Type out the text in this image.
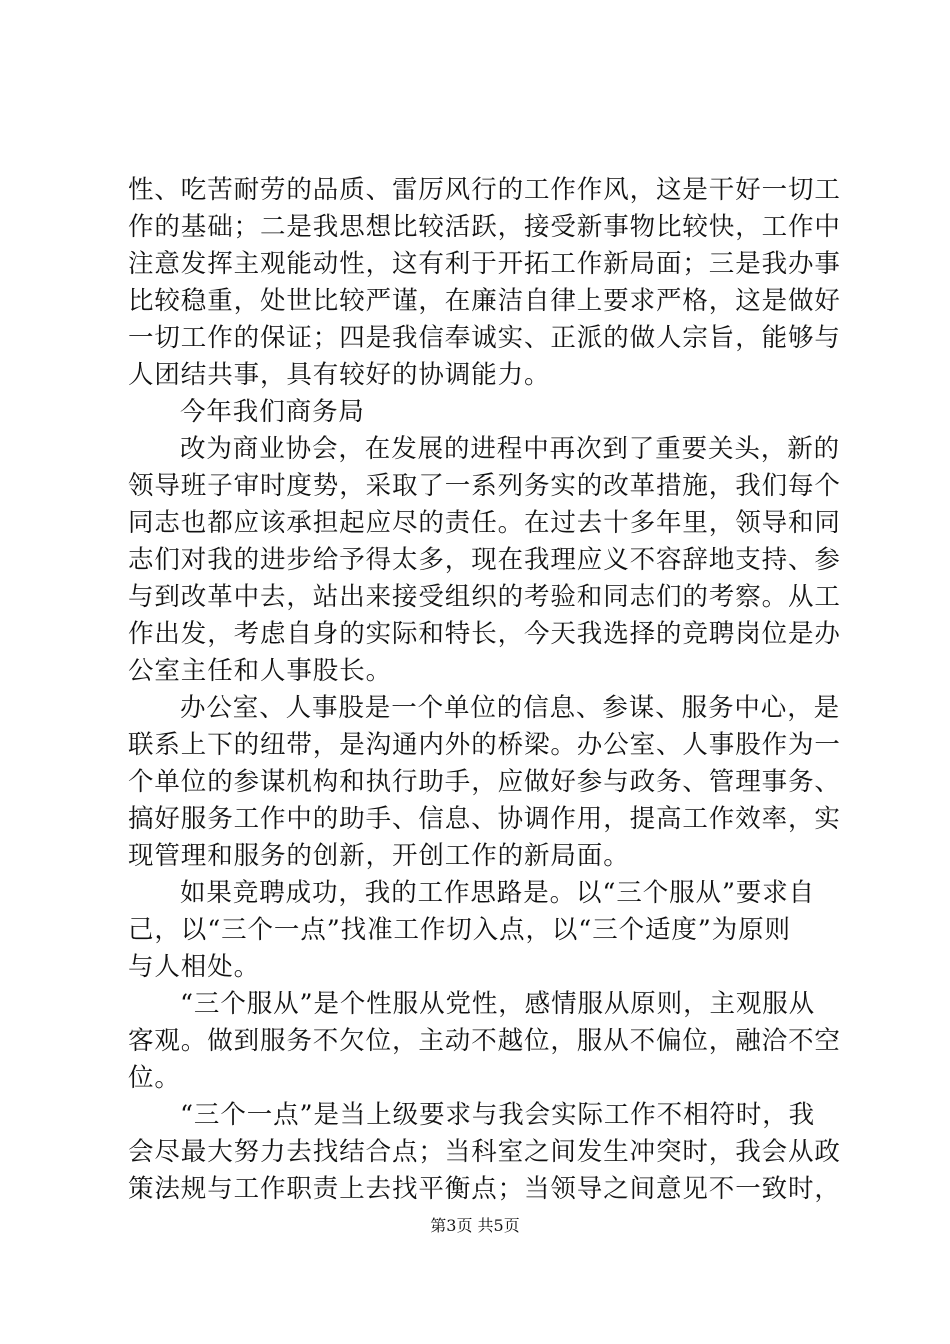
性、吃苦耐劳的品质、雷厉风行的工作作风，这是干好一切工
作的基础；二是我思想比较活跃，接受新事物比较快，工作中
注意发挥主观能动性，这有利于开拓工作新局面；三是我办事
比较稳重，处世比较严谨，在廉洁自律上要求严格，这是做好
一切工作的保证；四是我信奉诚实、正派的做人宗旨，能够与
人团结共事，具有较好的协调能力。
今年我们商务局
改为商业协会，在发展的进程中再次到了重要关头，新的
领导班子审时度势，采取了一系列务实的改革措施，我们每个
同志也都应该承担起应尽的责任。在过去十多年里，领导和同
志们对我的进步给予得太多，现在我理应义不容辞地支持、参
与到改革中去，站出来接受组织的考验和同志们的考察。从工
作出发，考虑自身的实际和特长，今天我选择的竞聘岗位是办
公室主任和人事股长。
办公室、人事股是一个单位的信息、参谋、服务中心，是
联系上下的纽带，是沟通内外的桥梁。办公室、人事股作为一
个单位的参谋机构和执行助手，应做好参与政务、管理事务、
搞好服务工作中的助手、信息、协调作用，提高工作效率，实
现管理和服务的创新，开创工作的新局面。
如果竞聘成功，我的工作思路是。以“三个服从”要求自
己，以“三个一点”找准工作切入点，以“三个适度”为原则
与人相处。
“三个服从”是个性服从党性，感情服从原则，主观服从
客观。做到服务不欠位，主动不越位，服从不偏位，融洽不空
位。
“三个一点”是当上级要求与我会实际工作不相符时，我
会尽最大努力去找结合点；当科室之间发生冲突时，我会从政
策法规与工作职责上去找平衡点；当领导之间意见不一致时，
第3页 共5页
